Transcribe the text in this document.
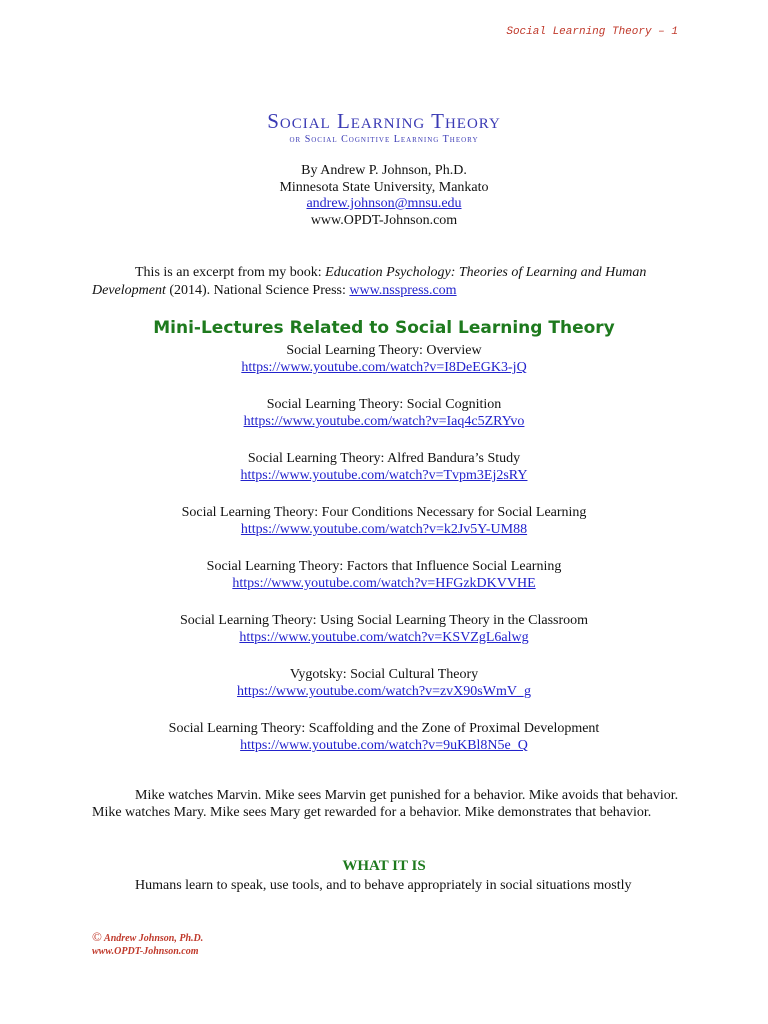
Social Learning Theory – 1
Social Learning Theory
or Social Cognitive Learning Theory
By Andrew P. Johnson, Ph.D.
Minnesota State University, Mankato
andrew.johnson@mnsu.edu
www.OPDT-Johnson.com
This is an excerpt from my book: Education Psychology: Theories of Learning and Human Development (2014). National Science Press: www.nsspress.com
Mini-Lectures Related to Social Learning Theory
Social Learning Theory: Overview
https://www.youtube.com/watch?v=I8DeEGK3-jQ
Social Learning Theory: Social Cognition
https://www.youtube.com/watch?v=Iaq4c5ZRYvo
Social Learning Theory: Alfred Bandura’s Study
https://www.youtube.com/watch?v=Tvpm3Ej2sRY
Social Learning Theory: Four Conditions Necessary for Social Learning
https://www.youtube.com/watch?v=k2Jv5Y-UM88
Social Learning Theory: Factors that Influence Social Learning
https://www.youtube.com/watch?v=HFGzkDKVVHE
Social Learning Theory: Using Social Learning Theory in the Classroom
https://www.youtube.com/watch?v=KSVZgL6alwg
Vygotsky: Social Cultural Theory
https://www.youtube.com/watch?v=zvX90sWmV_g
Social Learning Theory: Scaffolding and the Zone of Proximal Development
https://www.youtube.com/watch?v=9uKBl8N5e_Q
Mike watches Marvin. Mike sees Marvin get punished for a behavior. Mike avoids that behavior. Mike watches Mary. Mike sees Mary get rewarded for a behavior. Mike demonstrates that behavior.
WHAT IT IS
Humans learn to speak, use tools, and to behave appropriately in social situations mostly
© Andrew Johnson, Ph.D.
www.OPDT-Johnson.com
